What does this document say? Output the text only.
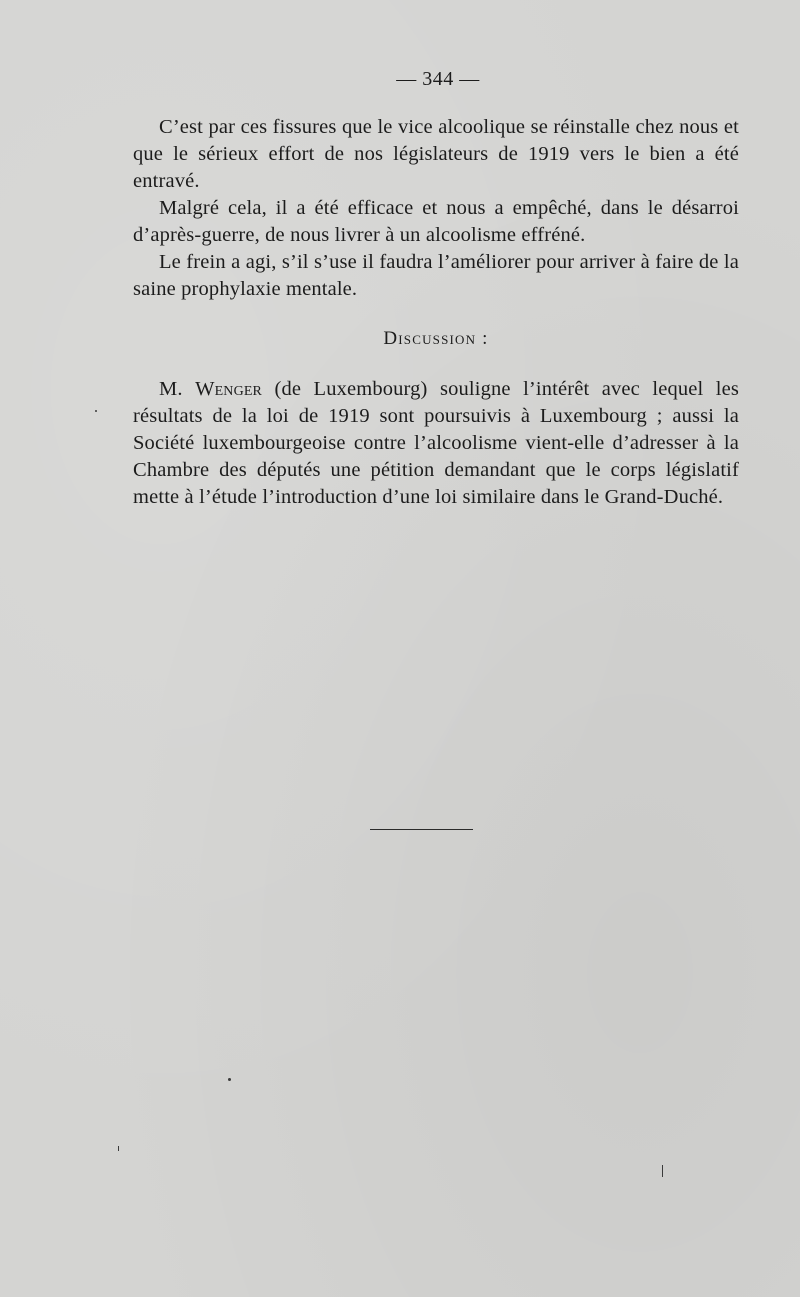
— 344 —

C’est par ces fissures que le vice alcoolique se réinstalle chez nous et que le sérieux effort de nos législateurs de 1919 vers le bien a été entravé.

Malgré cela, il a été efficace et nous a empêché, dans le désarroi d’après-guerre, de nous livrer à un alcoolisme effréné.

Le frein a agi, s’il s’use il faudra l’améliorer pour arriver à faire de la saine prophylaxie mentale.

Discussion :

M. Wenger (de Luxembourg) souligne l’intérêt avec lequel les résultats de la loi de 1919 sont poursuivis à Luxembourg ; aussi la Société luxembourgeoise contre l’alcoolisme vient-elle d’adresser à la Chambre des députés une pétition demandant que le corps législatif mette à l’étude l’introduction d’une loi similaire dans le Grand-Duché.
